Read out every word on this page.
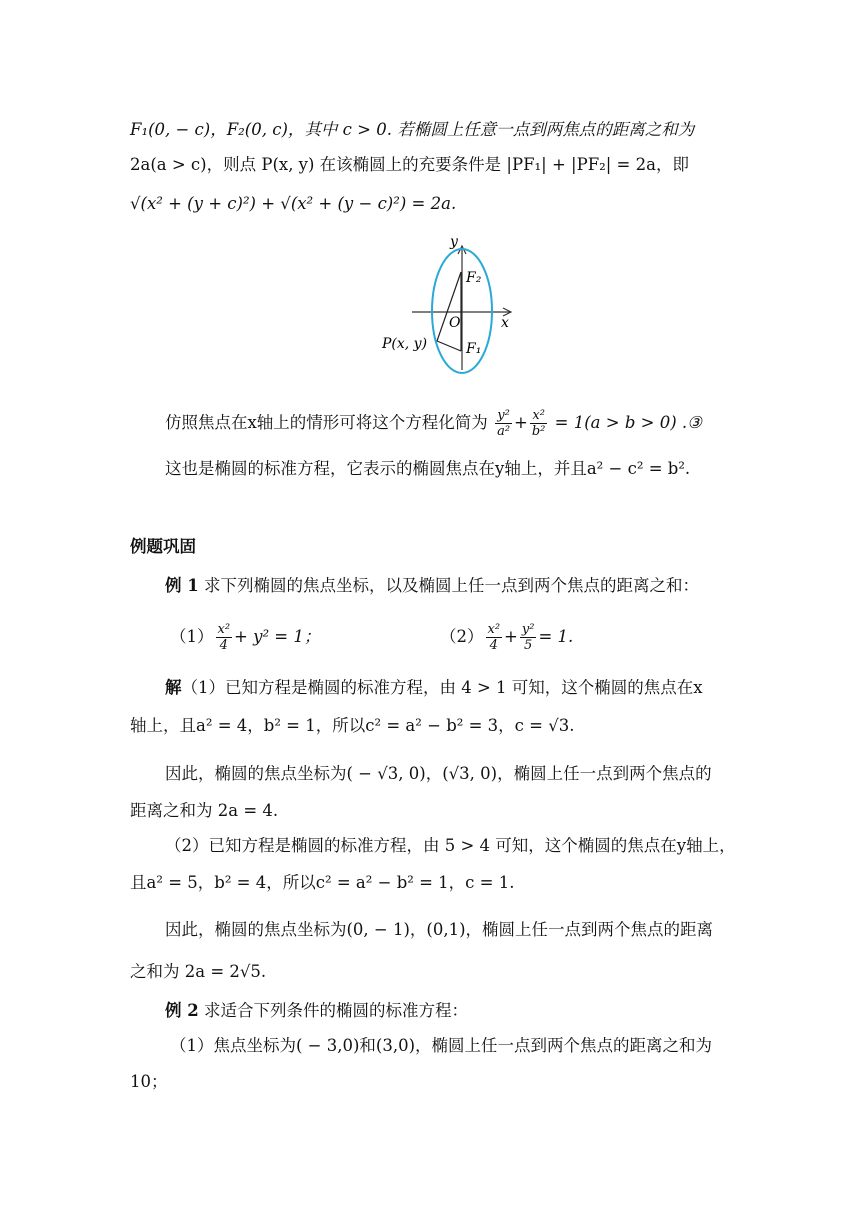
F₁(0, − c)，F₂(0, c)，其中 c > 0. 若椭圆上任意一点到两焦点的距离之和为
2a(a > c)，则点 P(x, y) 在该椭圆上的充要条件是 |PF₁| + |PF₂| = 2a，即
√(x² + (y + c)²) + √(x² + (y − c)²) = 2a.
y
x
O
F₂
F₁
P(x, y)
仿照焦点在x轴上的情形可将这个方程化简为 $\frac{\text{y²}}{\text{a²}} + \frac{\text{x²}}{\text{b²}} = 1(a > b > 0)$ .③
这也是椭圆的标准方程，它表示的椭圆焦点在y轴上，并且a² − c² = b².
例题巩固
例 1 求下列椭圆的焦点坐标，以及椭圆上任一点到两个焦点的距离之和：
$(1) \frac{\text{x²}}{4} + y^2 = 1$；	$(2) \frac{\text{x²}}{4} + \frac{\text{y²}}{5} = 1$.
解（1）已知方程是椭圆的标准方程，由 4 > 1 可知，这个椭圆的焦点在x
轴上，且a² = 4，b² = 1，所以c² = a² − b² = 3，c = √3.
因此，椭圆的焦点坐标为( − √3, 0)，(√3, 0)，椭圆上任一点到两个焦点的
距离之和为 2a = 4.
（2）已知方程是椭圆的标准方程，由 5 > 4 可知，这个椭圆的焦点在y轴上，
且a² = 5，b² = 4，所以c² = a² − b² = 1，c = 1.
因此，椭圆的焦点坐标为(0, − 1)，(0,1)，椭圆上任一点到两个焦点的距离
之和为 2a = 2√5.
例 2 求适合下列条件的椭圆的标准方程：
（1）焦点坐标为( − 3,0)和(3,0)，椭圆上任一点到两个焦点的距离之和为
10；
